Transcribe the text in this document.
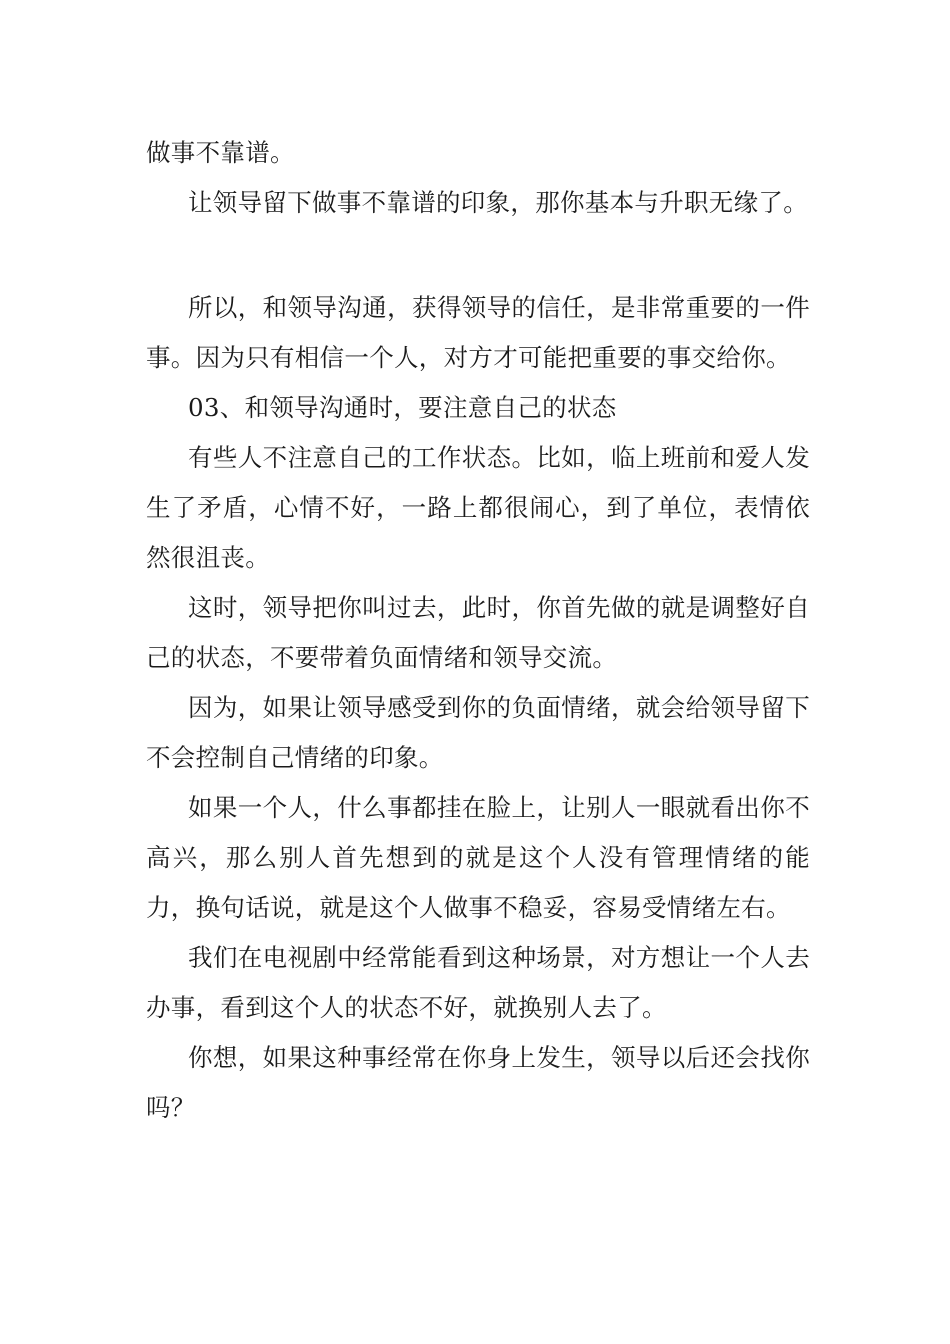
做事不靠谱。

让领导留下做事不靠谱的印象，那你基本与升职无缘了。

所以，和领导沟通，获得领导的信任，是非常重要的一件事。因为只有相信一个人，对方才可能把重要的事交给你。

03、和领导沟通时，要注意自己的状态

有些人不注意自己的工作状态。比如，临上班前和爱人发生了矛盾，心情不好，一路上都很闹心，到了单位，表情依然很沮丧。

这时，领导把你叫过去，此时，你首先做的就是调整好自己的状态，不要带着负面情绪和领导交流。

因为，如果让领导感受到你的负面情绪，就会给领导留下不会控制自己情绪的印象。

如果一个人，什么事都挂在脸上，让别人一眼就看出你不高兴，那么别人首先想到的就是这个人没有管理情绪的能力，换句话说，就是这个人做事不稳妥，容易受情绪左右。

我们在电视剧中经常能看到这种场景，对方想让一个人去办事，看到这个人的状态不好，就换别人去了。

你想，如果这种事经常在你身上发生，领导以后还会找你吗？
